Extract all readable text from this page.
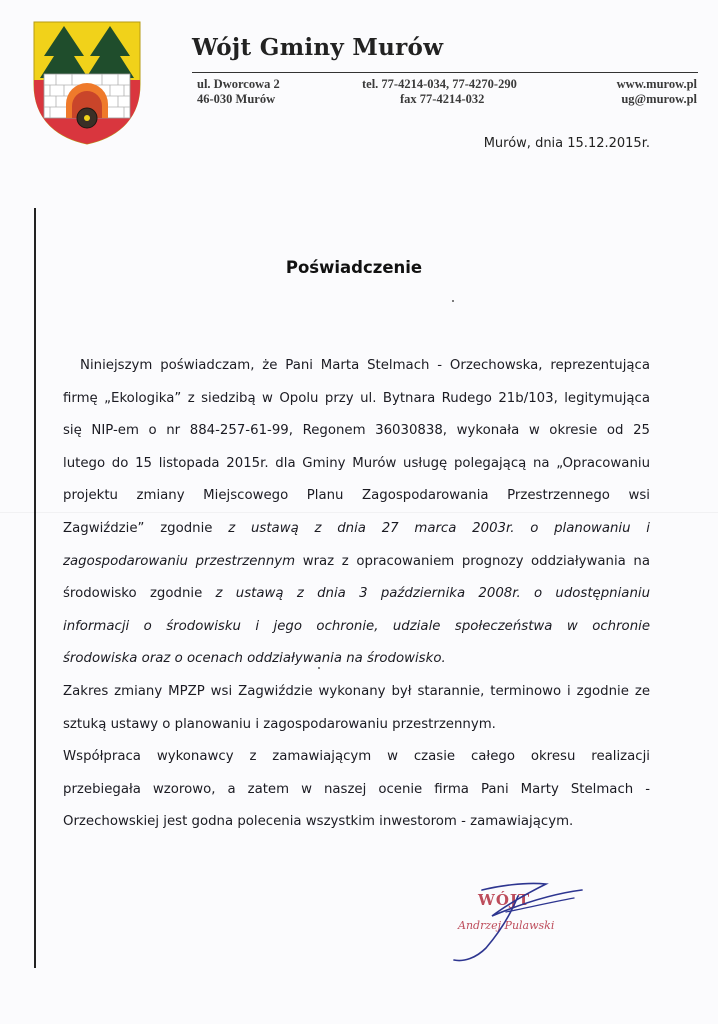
Wójt Gminy Murów
ul. Dworcowa 2
46-030 Murów
tel. 77-4214-034, 77-4270-290
fax 77-4214-032
www.murow.pl
ug@murow.pl
Murów, dnia 15.12.2015r.
Poświadczenie
Niniejszym poświadczam, że Pani Marta Stelmach - Orzechowska, reprezentująca
firmę „Ekologika” z siedzibą w Opolu przy ul. Bytnara Rudego 21b/103, legitymująca
się NIP-em o nr 884-257-61-99, Regonem 36030838, wykonała w okresie od 25
lutego do 15 listopada 2015r. dla Gminy Murów usługę polegającą na „Opracowaniu
projektu zmiany Miejscowego Planu Zagospodarowania Przestrzennego wsi
Zagwiździe” zgodnie z ustawą z dnia 27 marca 2003r. o planowaniu i
zagospodarowaniu przestrzennym wraz z opracowaniem prognozy oddziaływania na
środowisko zgodnie z ustawą z dnia 3 października 2008r. o udostępnianiu
informacji o środowisku i jego ochronie, udziale społeczeństwa w ochronie
środowiska oraz o ocenach oddziaływania na środowisko.
Zakres zmiany MPZP wsi Zagwiździe wykonany był starannie, terminowo i zgodnie ze
sztuką ustawy o planowaniu i zagospodarowaniu przestrzennym.
Współpraca wykonawcy z zamawiającym w czasie całego okresu realizacji
przebiegała wzorowo, a zatem w naszej ocenie firma Pani Marty Stelmach -
Orzechowskiej jest godna polecenia wszystkim inwestorom - zamawiającym.
WÓJT
Andrzej Pulawski
